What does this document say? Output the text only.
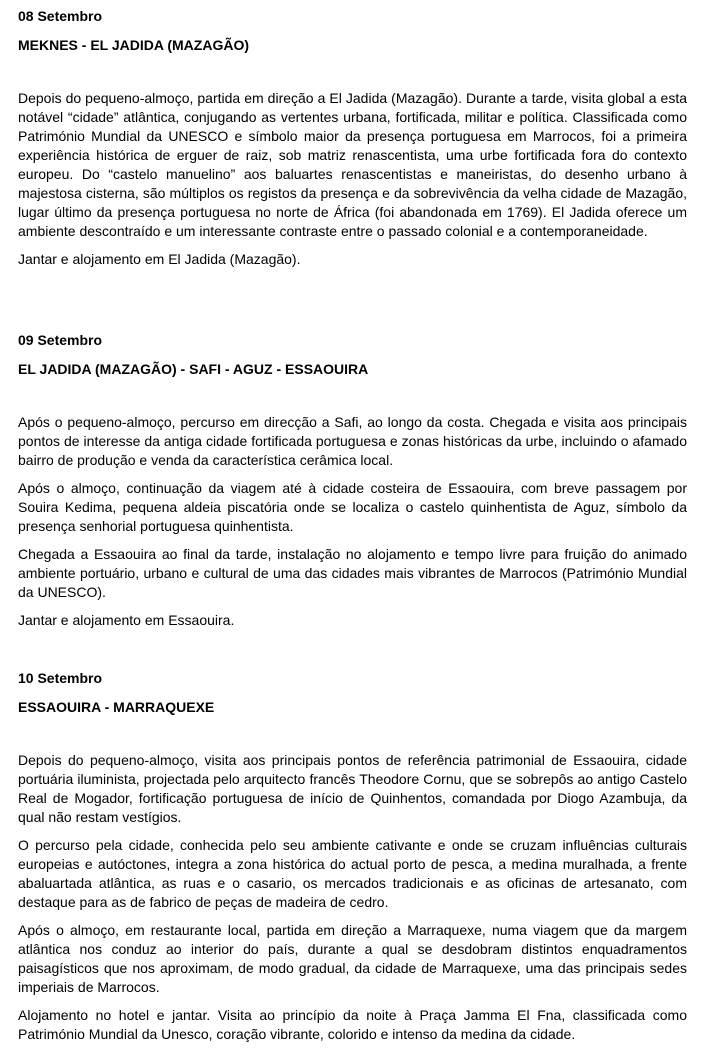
08 Setembro

MEKNES - EL JADIDA (MAZAGÃO)

Depois do pequeno-almoço, partida em direção a El Jadida (Mazagão). Durante a tarde, visita global a esta notável “cidade” atlântica, conjugando as vertentes urbana, fortificada, militar e política. Classificada como Património Mundial da UNESCO e símbolo maior da presença portuguesa em Marrocos, foi a primeira experiência histórica de erguer de raiz, sob matriz renascentista, uma urbe fortificada fora do contexto europeu. Do “castelo manuelino” aos baluartes renascentistas e maneiristas, do desenho urbano à majestosa cisterna, são múltiplos os registos da presença e da sobrevivência da velha cidade de Mazagão, lugar último da presença portuguesa no norte de África (foi abandonada em 1769). El Jadida oferece um ambiente descontraído e um interessante contraste entre o passado colonial e a contemporaneidade.

Jantar e alojamento em El Jadida (Mazagão).

09 Setembro

EL JADIDA (MAZAGÃO) - SAFI - AGUZ - ESSAOUIRA

Após o pequeno-almoço, percurso em direcção a Safi, ao longo da costa. Chegada e visita aos principais pontos de interesse da antiga cidade fortificada portuguesa e zonas históricas da urbe, incluindo o afamado bairro de produção e venda da característica cerâmica local.

Após o almoço, continuação da viagem até à cidade costeira de Essaouira, com breve passagem por Souira Kedima, pequena aldeia piscatória onde se localiza o castelo quinhentista de Aguz, símbolo da presença senhorial portuguesa quinhentista.

Chegada a Essaouira ao final da tarde, instalação no alojamento e tempo livre para fruição do animado ambiente portuário, urbano e cultural de uma das cidades mais vibrantes de Marrocos (Património Mundial da UNESCO).

Jantar e alojamento em Essaouira.

10 Setembro

ESSAOUIRA - MARRAQUEXE

Depois do pequeno-almoço, visita aos principais pontos de referência patrimonial de Essaouira, cidade portuária iluminista, projectada pelo arquitecto francês Theodore Cornu, que se sobrepôs ao antigo Castelo Real de Mogador, fortificação portuguesa de início de Quinhentos, comandada por Diogo Azambuja, da qual não restam vestígios.

O percurso pela cidade, conhecida pelo seu ambiente cativante e onde se cruzam influências culturais europeias e autóctones, integra a zona histórica do actual porto de pesca, a medina muralhada, a frente abaluartada atlântica, as ruas e o casario, os mercados tradicionais e as oficinas de artesanato, com destaque para as de fabrico de peças de madeira de cedro.

Após o almoço, em restaurante local, partida em direção a Marraquexe, numa viagem que da margem atlântica nos conduz ao interior do país, durante a qual se desdobram distintos enquadramentos paisagísticos que nos aproximam, de modo gradual, da cidade de Marraquexe, uma das principais sedes imperiais de Marrocos.

Alojamento no hotel e jantar. Visita ao princípio da noite à Praça Jamma El Fna, classificada como Património Mundial da Unesco, coração vibrante, colorido e intenso da medina da cidade.
